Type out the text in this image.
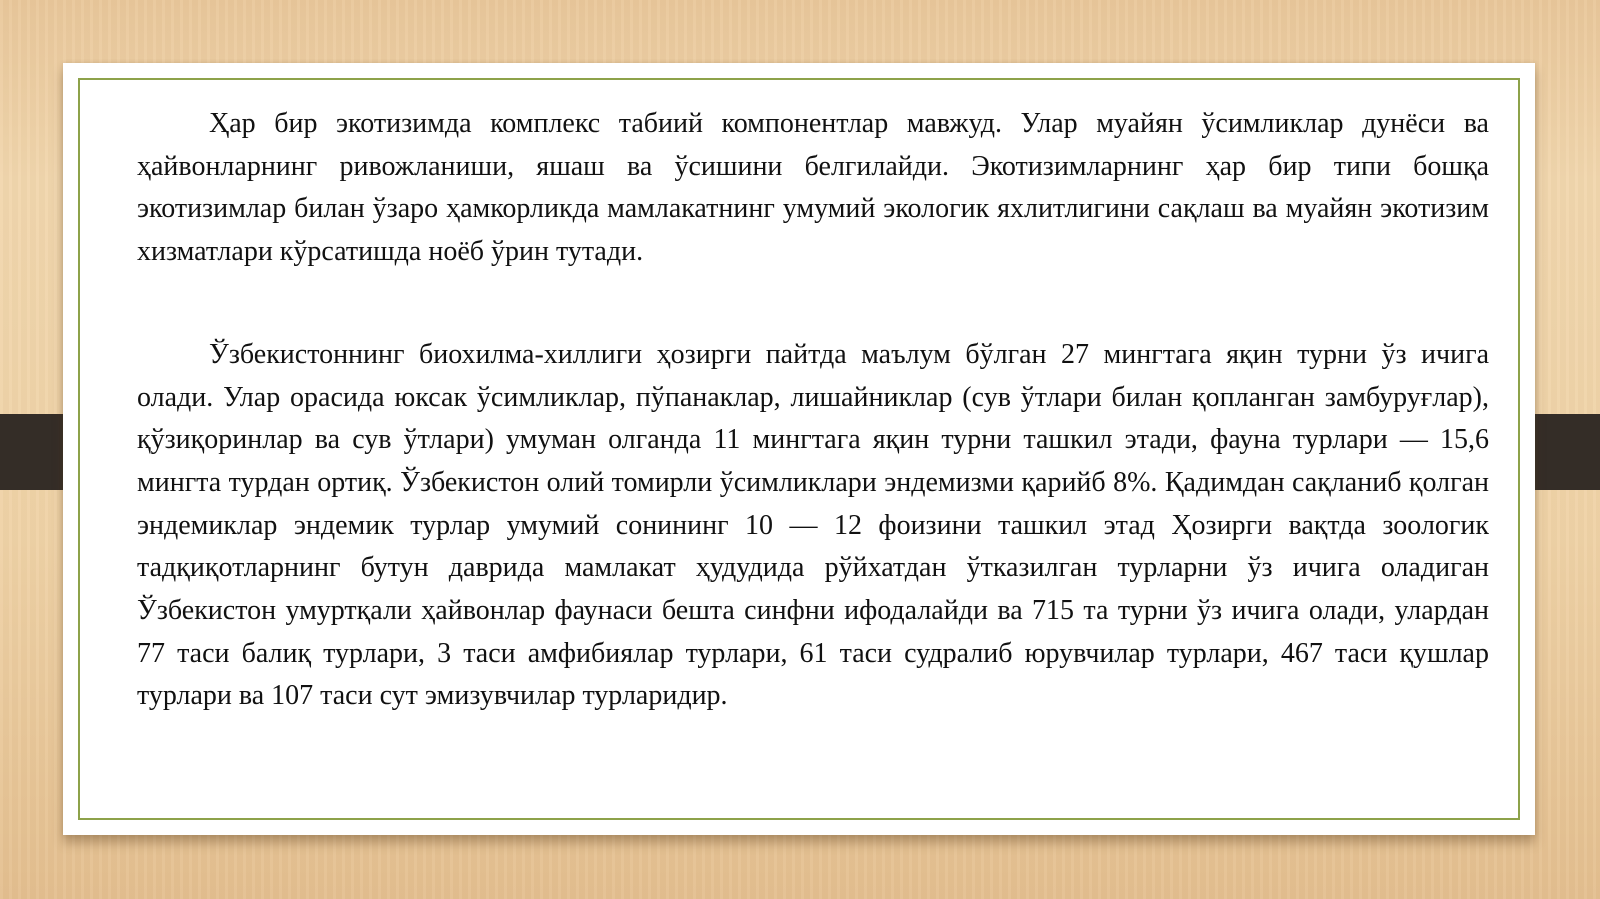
Ҳар бир экотизимда комплекс табиий компонентлар мавжуд. Улар муайян ўсимликлар дунёси ва ҳайвонларнинг ривожланиши, яшаш ва ўсишини белгилайди. Экотизимларнинг ҳар бир типи бошқа экотизимлар билан ўзаро ҳамкорликда мамлакатнинг умумий экологик яхлитлигини сақлаш ва муайян экотизим хизматлари кўрсатишда ноёб ўрин тутади.

Ўзбекистоннинг биохилма-хиллиги ҳозирги пайтда маълум бўлган 27 мингтага яқин турни ўз ичига олади. Улар орасида юксак ўсимликлар, пўпанаклар, лишайниклар (сув ўтлари билан қопланган замбуруғлар), қўзиқоринлар ва сув ўтлари) умуман олганда 11 мингтага яқин турни ташкил этади, фауна турлари — 15,6 мингта турдан ортиқ. Ўзбекистон олий томирли ўсимликлари эндемизми қарийб 8%. Қадимдан сақланиб қолган эндемиклар эндемик турлар умумий сонининг 10 — 12 фоизини ташкил этад Ҳозирги вақтда зоологик тадқиқотларнинг бутун даврида мамлакат ҳудудида рўйхатдан ўтказилган турларни ўз ичига оладиган Ўзбекистон умуртқали ҳайвонлар фаунаси бешта синфни ифодалайди ва 715 та турни ўз ичига олади, улардан 77 таси балиқ турлари, 3 таси амфибиялар турлари, 61 таси судралиб юрувчилар турлари, 467 таси қушлар турлари ва 107 таси сут эмизувчилар турларидир.
